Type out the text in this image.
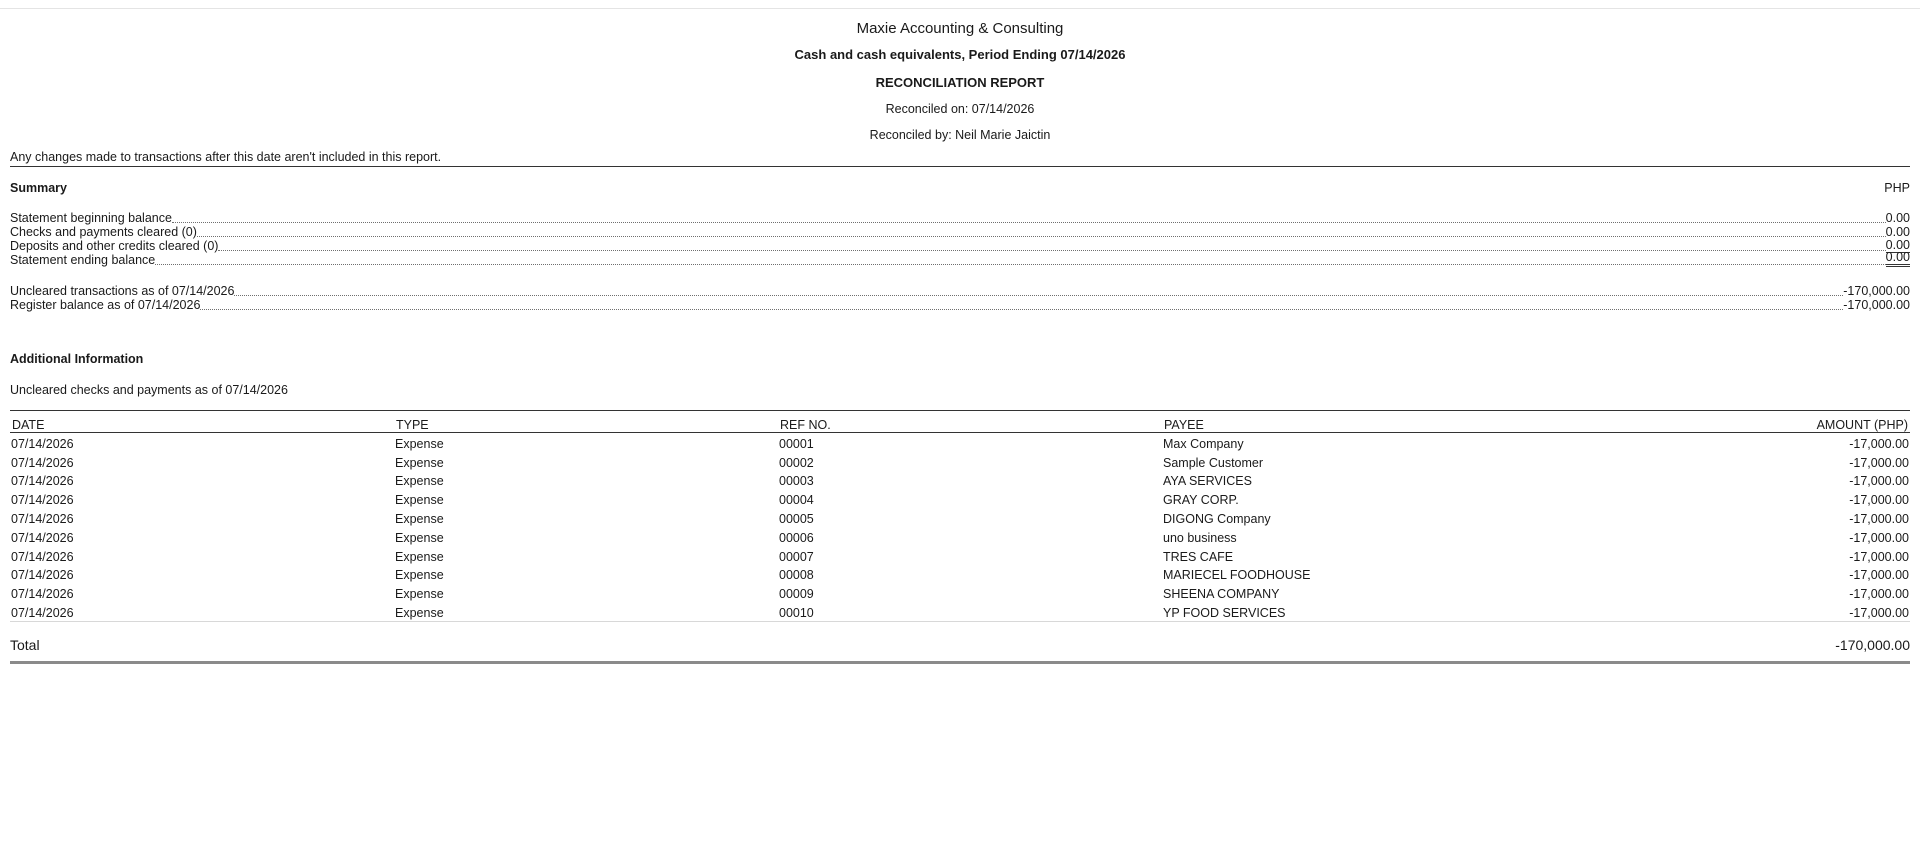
Maxie Accounting & Consulting
Cash and cash equivalents, Period Ending 07/14/2026
RECONCILIATION REPORT
Reconciled on: 07/14/2026
Reconciled by: Neil Marie Jaictin
Any changes made to transactions after this date aren't included in this report.
Summary	PHP
Statement beginning balance	0.00
Checks and payments cleared (0)	0.00
Deposits and other credits cleared (0)	0.00
Statement ending balance	0.00
Uncleared transactions as of 07/14/2026	-170,000.00
Register balance as of 07/14/2026	-170,000.00
Additional Information
Uncleared checks and payments as of 07/14/2026
DATE	TYPE	REF NO.	PAYEE	AMOUNT (PHP)
07/14/2026	Expense	00001	Max Company	-17,000.00
07/14/2026	Expense	00002	Sample Customer	-17,000.00
07/14/2026	Expense	00003	AYA SERVICES	-17,000.00
07/14/2026	Expense	00004	GRAY CORP.	-17,000.00
07/14/2026	Expense	00005	DIGONG Company	-17,000.00
07/14/2026	Expense	00006	uno business	-17,000.00
07/14/2026	Expense	00007	TRES CAFE	-17,000.00
07/14/2026	Expense	00008	MARIECEL FOODHOUSE	-17,000.00
07/14/2026	Expense	00009	SHEENA COMPANY	-17,000.00
07/14/2026	Expense	00010	YP FOOD SERVICES	-17,000.00
Total	-170,000.00
